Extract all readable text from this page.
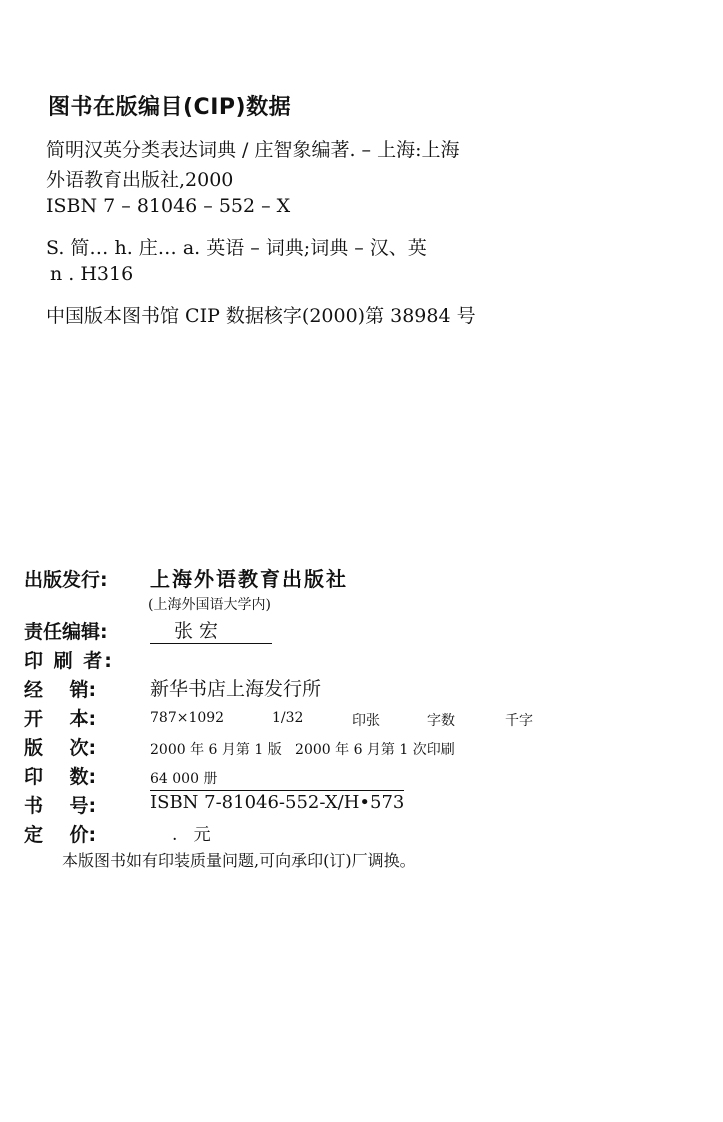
图书在版编目(CIP)数据
简明汉英分类表达词典 / 庄智象编著. – 上海:上海
外语教育出版社,2000
ISBN 7 – 81046 – 552 – X
S. 简… h. 庄… a. 英语 – 词典;词典 – 汉、英
n . H316
中国版本图书馆 CIP 数据核字(2000)第 38984 号
出版发行: 上海外语教育出版社
(上海外国语大学内)
责任编辑:	张 宏
印 刷 者:
经    销:	新华书店上海发行所
开    本:	787×1092	1/32	印张	字数	千字
版    次:	2000 年 6 月第 1 版   2000 年 6 月第 1 次印刷
印    数:	64 000 册
书    号:	ISBN 7-81046-552-X/H•573
定    价:	.   元
本版图书如有印装质量问题,可向承印(订)厂调换。
